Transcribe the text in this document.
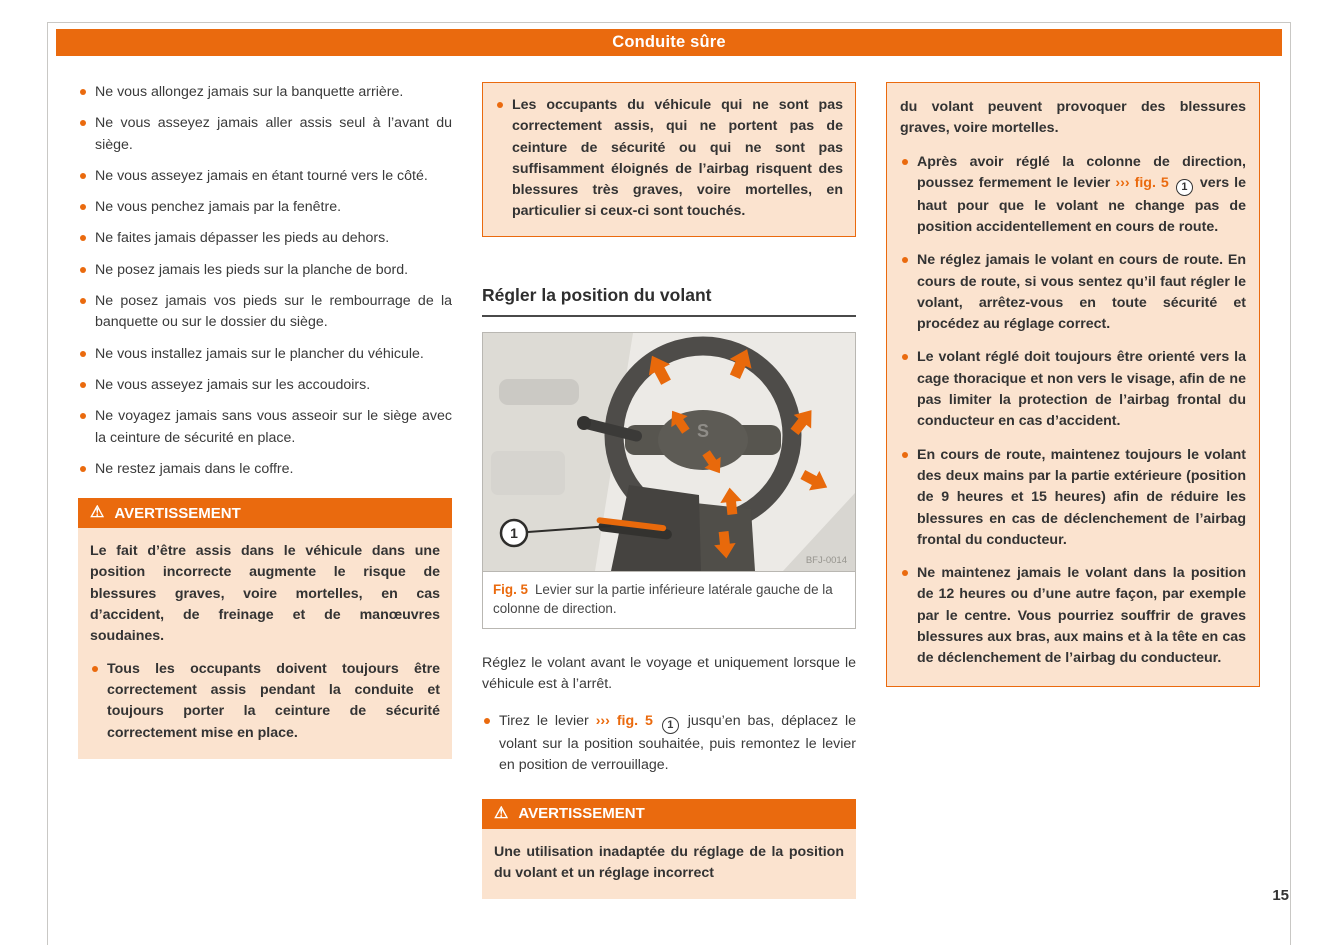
Conduite sûre
Ne vous allongez jamais sur la banquette arrière.
Ne vous asseyez jamais aller assis seul à l’avant du siège.
Ne vous asseyez jamais en étant tourné vers le côté.
Ne vous penchez jamais par la fenêtre.
Ne faites jamais dépasser les pieds au dehors.
Ne posez jamais les pieds sur la planche de bord.
Ne posez jamais vos pieds sur le rembourrage de la banquette ou sur le dossier du siège.
Ne vous installez jamais sur le plancher du véhicule.
Ne vous asseyez jamais sur les accoudoirs.
Ne voyagez jamais sans vous asseoir sur le siège avec la ceinture de sécurité en place.
Ne restez jamais dans le coffre.
⚠ AVERTISSEMENT
Le fait d’être assis dans le véhicule dans une position incorrecte augmente le risque de blessures graves, voire mortelles, en cas d’accident, de freinage et de manœuvres soudaines.
Tous les occupants doivent toujours être correctement assis pendant la conduite et toujours porter la ceinture de sécurité correctement mise en place.
Les occupants du véhicule qui ne sont pas correctement assis, qui ne portent pas de ceinture de sécurité ou qui ne sont pas suffisamment éloignés de l’airbag risquent des blessures très graves, voire mortelles, en particulier si ceux-ci sont touchés.
Régler la position du volant
S
1
BFJ-0014
Fig. 5 Levier sur la partie inférieure latérale gauche de la colonne de direction.
Réglez le volant avant le voyage et uniquement lorsque le véhicule est à l’arrêt.
Tirez le levier ››› fig. 5 1 jusqu’en bas, déplacez le volant sur la position souhaitée, puis remontez le levier en position de verrouillage.
⚠ AVERTISSEMENT
Une utilisation inadaptée du réglage de la position du volant et un réglage incorrect
du volant peuvent provoquer des blessures graves, voire mortelles.
Après avoir réglé la colonne de direction, poussez fermement le levier ››› fig. 5 1 vers le haut pour que le volant ne change pas de position accidentellement en cours de route.
Ne réglez jamais le volant en cours de route. En cours de route, si vous sentez qu’il faut régler le volant, arrêtez-vous en toute sécurité et procédez au réglage correct.
Le volant réglé doit toujours être orienté vers la cage thoracique et non vers le visage, afin de ne pas limiter la protection de l’airbag frontal du conducteur en cas d’accident.
En cours de route, maintenez toujours le volant des deux mains par la partie extérieure (position de 9 heures et 15 heures) afin de réduire les blessures en cas de déclenchement de l’airbag frontal du conducteur.
Ne maintenez jamais le volant dans la position de 12 heures ou d’une autre façon, par exemple par le centre. Vous pourriez souffrir de graves blessures aux bras, aux mains et à la tête en cas de déclenchement de l’airbag du conducteur.
15
